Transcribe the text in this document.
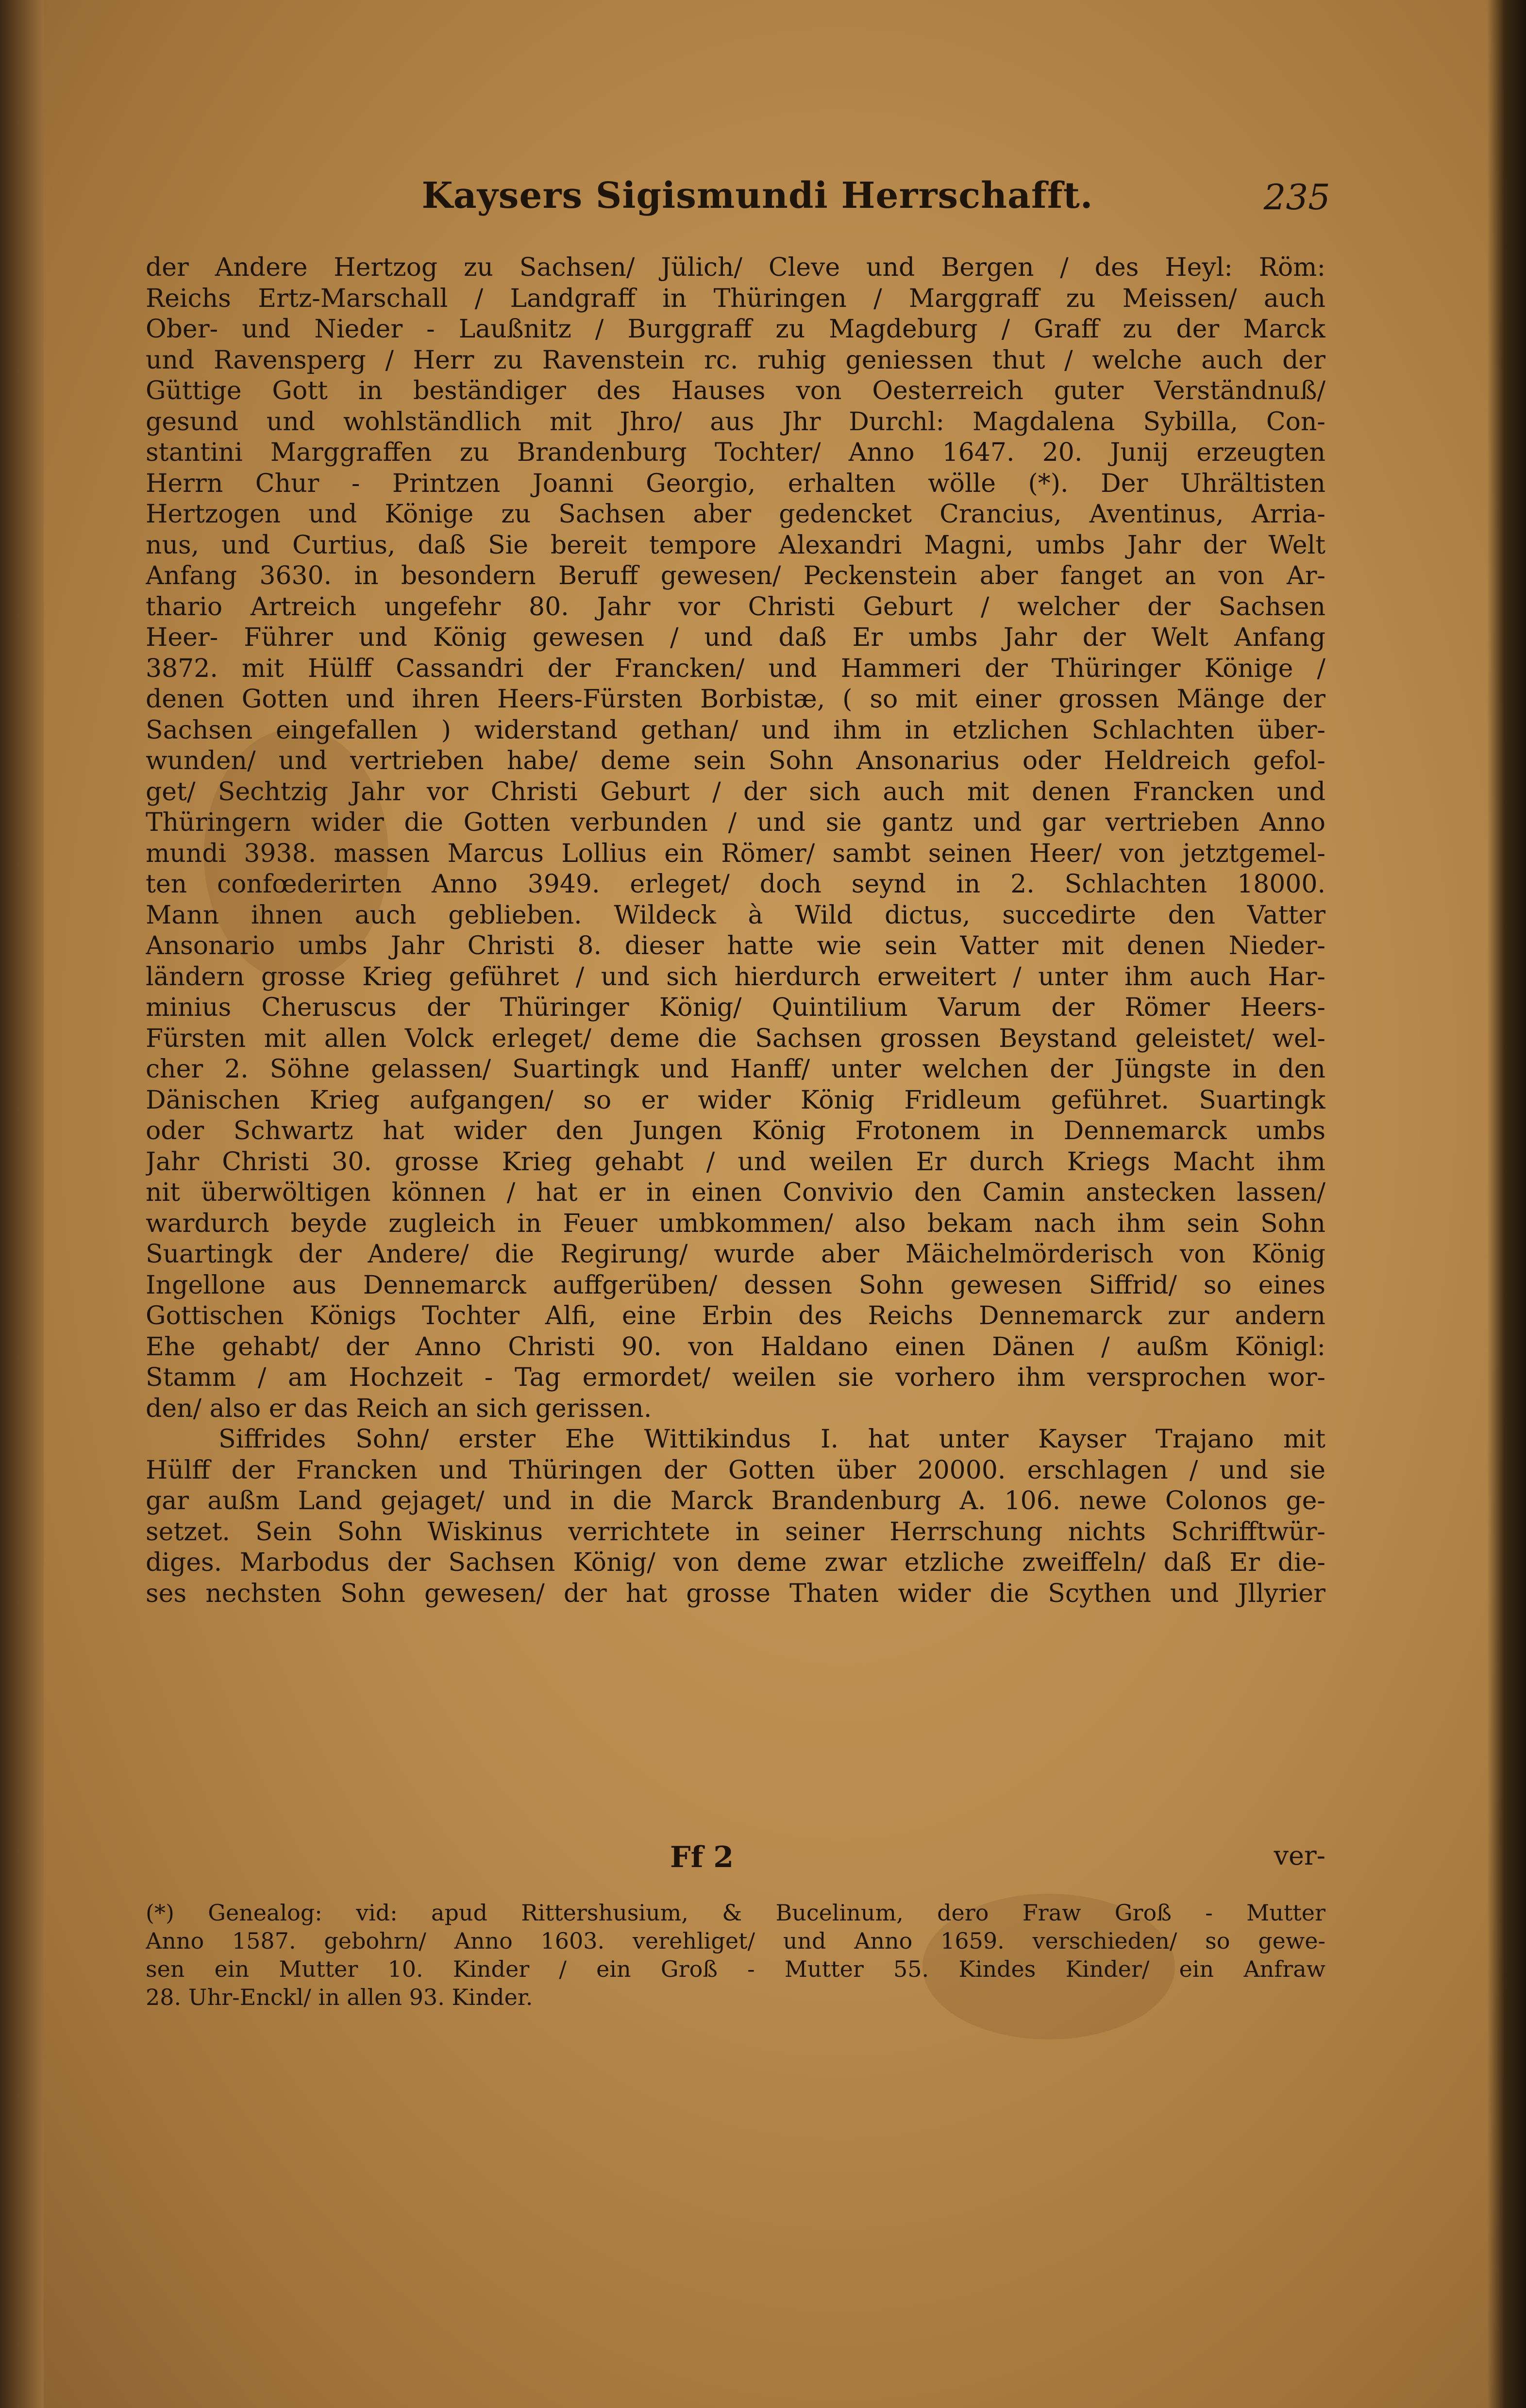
Kaysers Sigismundi Herrschafft.	235
der Andere Hertzog zu Sachsen/ Jülich/ Cleve und Bergen / des Heyl: Röm:
Reichs Ertz-Marschall / Landgraff in Thüringen / Marggraff zu Meissen/ auch
Ober- und Nieder - Laußnitz / Burggraff zu Magdeburg / Graff zu der Marck
und Ravensperg / Herr zu Ravenstein rc. ruhig geniessen thut / welche auch der
Güttige Gott in beständiger des Hauses von Oesterreich guter Verständnuß/
gesund und wohlständlich mit Jhro/ aus Jhr Durchl: Magdalena Sybilla, Con-
stantini Marggraffen zu Brandenburg Tochter/ Anno 1647. 20. Junij erzeugten
Herrn Chur - Printzen Joanni Georgio, erhalten wölle (*). Der Uhrältisten
Hertzogen und Könige zu Sachsen aber gedencket Crancius, Aventinus, Arria-
nus, und Curtius, daß Sie bereit tempore Alexandri Magni, umbs Jahr der Welt
Anfang 3630. in besondern Beruff gewesen/ Peckenstein aber fanget an von Ar-
thario Artreich ungefehr 80. Jahr vor Christi Geburt / welcher der Sachsen
Heer- Führer und König gewesen / und daß Er umbs Jahr der Welt Anfang
3872. mit Hülff Cassandri der Francken/ und Hammeri der Thüringer Könige /
denen Gotten und ihren Heers-Fürsten Borbistæ, ( so mit einer grossen Mänge der
Sachsen eingefallen ) widerstand gethan/ und ihm in etzlichen Schlachten über-
wunden/ und vertrieben habe/ deme sein Sohn Ansonarius oder Heldreich gefol-
get/ Sechtzig Jahr vor Christi Geburt / der sich auch mit denen Francken und
Thüringern wider die Gotten verbunden / und sie gantz und gar vertrieben Anno
mundi 3938. massen Marcus Lollius ein Römer/ sambt seinen Heer/ von jetztgemel-
ten confœderirten Anno 3949. erleget/ doch seynd in 2. Schlachten 18000.
Mann ihnen auch geblieben. Wildeck à Wild dictus, succedirte den Vatter
Ansonario umbs Jahr Christi 8. dieser hatte wie sein Vatter mit denen Nieder-
ländern grosse Krieg geführet / und sich hierdurch erweitert / unter ihm auch Har-
minius Cheruscus der Thüringer König/ Quintilium Varum der Römer Heers-
Fürsten mit allen Volck erleget/ deme die Sachsen grossen Beystand geleistet/ wel-
cher 2. Söhne gelassen/ Suartingk und Hanff/ unter welchen der Jüngste in den
Dänischen Krieg aufgangen/ so er wider König Fridleum geführet. Suartingk
oder Schwartz hat wider den Jungen König Frotonem in Dennemarck umbs
Jahr Christi 30. grosse Krieg gehabt / und weilen Er durch Kriegs Macht ihm
nit überwöltigen können / hat er in einen Convivio den Camin anstecken lassen/
wardurch beyde zugleich in Feuer umbkommen/ also bekam nach ihm sein Sohn
Suartingk der Andere/ die Regirung/ wurde aber Mäichelmörderisch von König
Ingellone aus Dennemarck auffgerüben/ dessen Sohn gewesen Siffrid/ so eines
Gottischen Königs Tochter Alfi, eine Erbin des Reichs Dennemarck zur andern
Ehe gehabt/ der Anno Christi 90. von Haldano einen Dänen / außm Königl:
Stamm / am Hochzeit - Tag ermordet/ weilen sie vorhero ihm versprochen wor-
den/ also er das Reich an sich gerissen.
Siffrides Sohn/ erster Ehe Wittikindus I. hat unter Kayser Trajano mit
Hülff der Francken und Thüringen der Gotten über 20000. erschlagen / und sie
gar außm Land gejaget/ und in die Marck Brandenburg A. 106. newe Colonos ge-
setzet. Sein Sohn Wiskinus verrichtete in seiner Herrschung nichts Schrifftwür-
diges. Marbodus der Sachsen König/ von deme zwar etzliche zweiffeln/ daß Er die-
ses nechsten Sohn gewesen/ der hat grosse Thaten wider die Scythen und Jllyrier
Ff 2	ver-
(*) Genealog: vid: apud Rittershusium, & Bucelinum, dero Fraw Groß - Mutter
Anno 1587. gebohrn/ Anno 1603. verehliget/ und Anno 1659. verschieden/ so gewe-
sen ein Mutter 10. Kinder / ein Groß - Mutter 55. Kindes Kinder/ ein Anfraw
28. Uhr-Enckl/ in allen 93. Kinder.
